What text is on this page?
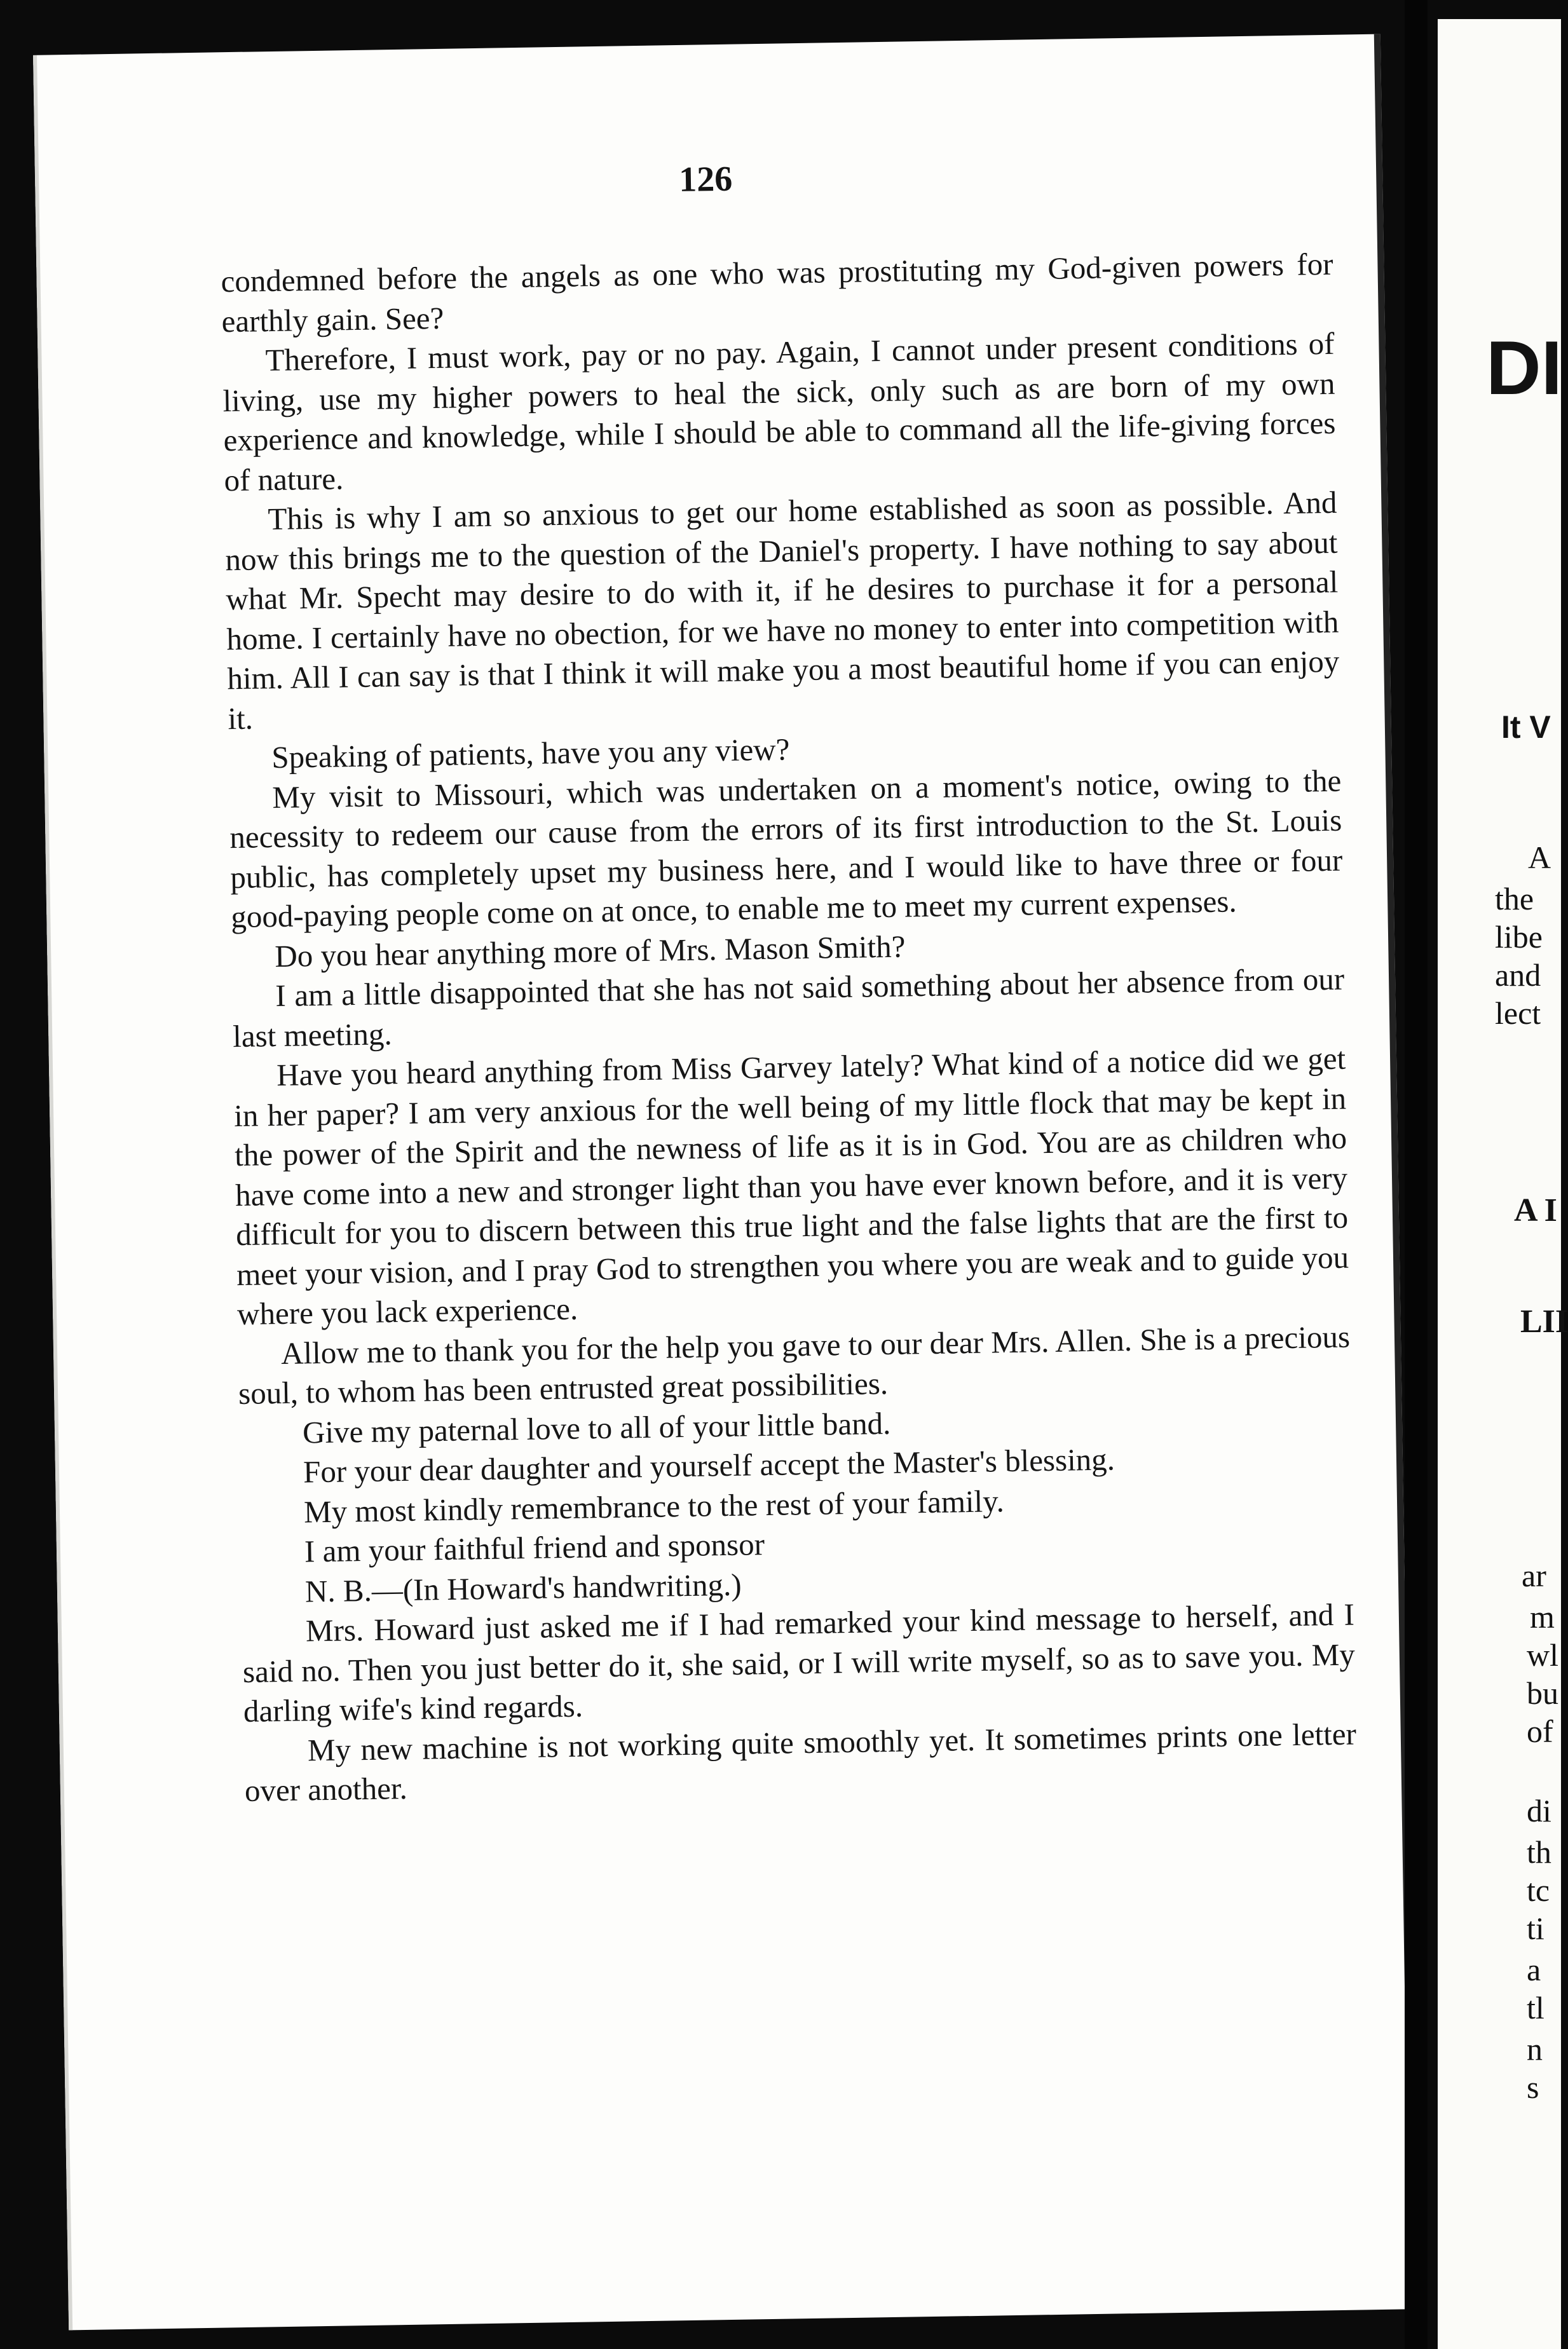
126

condemned before the angels as one who was prostituting my God-given powers for earthly gain. See?

Therefore, I must work, pay or no pay. Again, I cannot under present conditions of living, use my higher powers to heal the sick, only such as are born of my own experience and knowledge, while I should be able to command all the life-giving forces of nature.

This is why I am so anxious to get our home established as soon as possible. And now this brings me to the question of the Daniel's property. I have nothing to say about what Mr. Specht may desire to do with it, if he desires to purchase it for a personal home. I certainly have no obection, for we have no money to enter into competition with him. All I can say is that I think it will make you a most beautiful home if you can enjoy it.

Speaking of patients, have you any view?

My visit to Missouri, which was undertaken on a moment's notice, owing to the necessity to redeem our cause from the errors of its first introduction to the St. Louis public, has completely upset my business here, and I would like to have three or four good-paying people come on at once, to enable me to meet my current expenses.

Do you hear anything more of Mrs. Mason Smith?

I am a little disappointed that she has not said something about her absence from our last meeting.

Have you heard anything from Miss Garvey lately? What kind of a notice did we get in her paper? I am very anxious for the well being of my little flock that may be kept in the power of the Spirit and the newness of life as it is in God. You are as children who have come into a new and stronger light than you have ever known before, and it is very difficult for you to discern between this true light and the false lights that are the first to meet your vision, and I pray God to strengthen you where you are weak and to guide you where you lack experience.

Allow me to thank you for the help you gave to our dear Mrs. Allen. She is a precious soul, to whom has been entrusted great possibilities.

Give my paternal love to all of your little band.

For your dear daughter and yourself accept the Master's blessing.

My most kindly remembrance to the rest of your family.

I am your faithful friend and sponsor

N. B.—(In Howard's handwriting.)

Mrs. Howard just asked me if I had remarked your kind message to herself, and I said no. Then you just better do it, she said, or I will write myself, so as to save you. My darling wife's kind regards.

My new machine is not working quite smoothly yet. It sometimes prints one letter over another.

DI
It V
A
the
libe
and
lect
A I
LII
ar
m
wl
bu
of
di
th
tc
ti
a
tl
n
s
